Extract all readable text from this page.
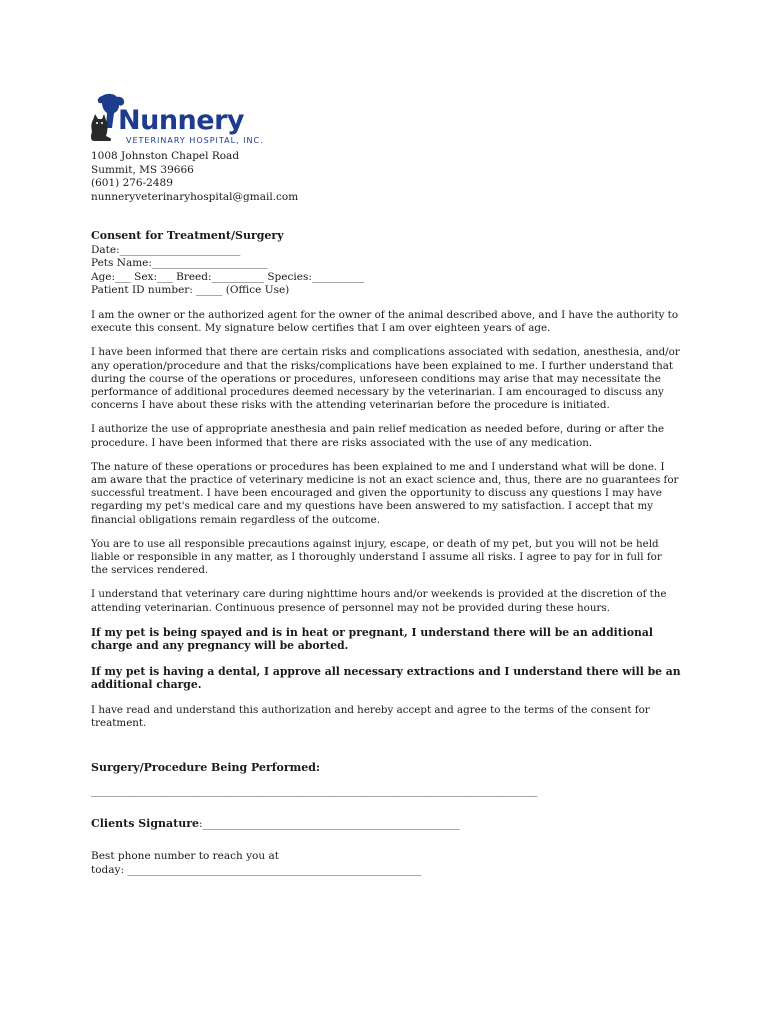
Nunnery
VETERINARY HOSPITAL, INC.
1008 Johnston Chapel Road
Summit, MS 39666
(601) 276-2489
nunneryveterinaryhospital@gmail.com
Consent for Treatment/Surgery
Date:_______________________
Pets Name:______________________
Age:___ Sex:___ Breed:__________ Species:__________
Patient ID number: _____ (Office Use)

I am the owner or the authorized agent for the owner of the animal described above, and I have the authority to execute this consent. My signature below certifies that I am over eighteen years of age.

I have been informed that there are certain risks and complications associated with sedation, anesthesia, and/or any operation/procedure and that the risks/complications have been explained to me. I further understand that during the course of the operations or procedures, unforeseen conditions may arise that may necessitate the performance of additional procedures deemed necessary by the veterinarian. I am encouraged to discuss any concerns I have about these risks with the attending veterinarian before the procedure is initiated.

I authorize the use of appropriate anesthesia and pain relief medication as needed before, during or after the procedure. I have been informed that there are risks associated with the use of any medication.

The nature of these operations or procedures has been explained to me and I understand what will be done. I am aware that the practice of veterinary medicine is not an exact science and, thus, there are no guarantees for successful treatment. I have been encouraged and given the opportunity to discuss any questions I may have regarding my pet's medical care and my questions have been answered to my satisfaction. I accept that my financial obligations remain regardless of the outcome.

You are to use all responsible precautions against injury, escape, or death of my pet, but you will not be held liable or responsible in any matter, as I thoroughly understand I assume all risks. I agree to pay for in full for the services rendered.

I understand that veterinary care during nighttime hours and/or weekends is provided at the discretion of the attending veterinarian. Continuous presence of personnel may not be provided during these hours.

If my pet is being spayed and is in heat or pregnant, I understand there will be an additional charge and any pregnancy will be aborted.

If my pet is having a dental, I approve all necessary extractions and I understand there will be an additional charge.

I have read and understand this authorization and hereby accept and agree to the terms of the consent for treatment.

Surgery/Procedure Being Performed:
_____________________________________________________________________________________
Clients Signature:_________________________________________________
Best phone number to reach you at
today: ________________________________________________________
